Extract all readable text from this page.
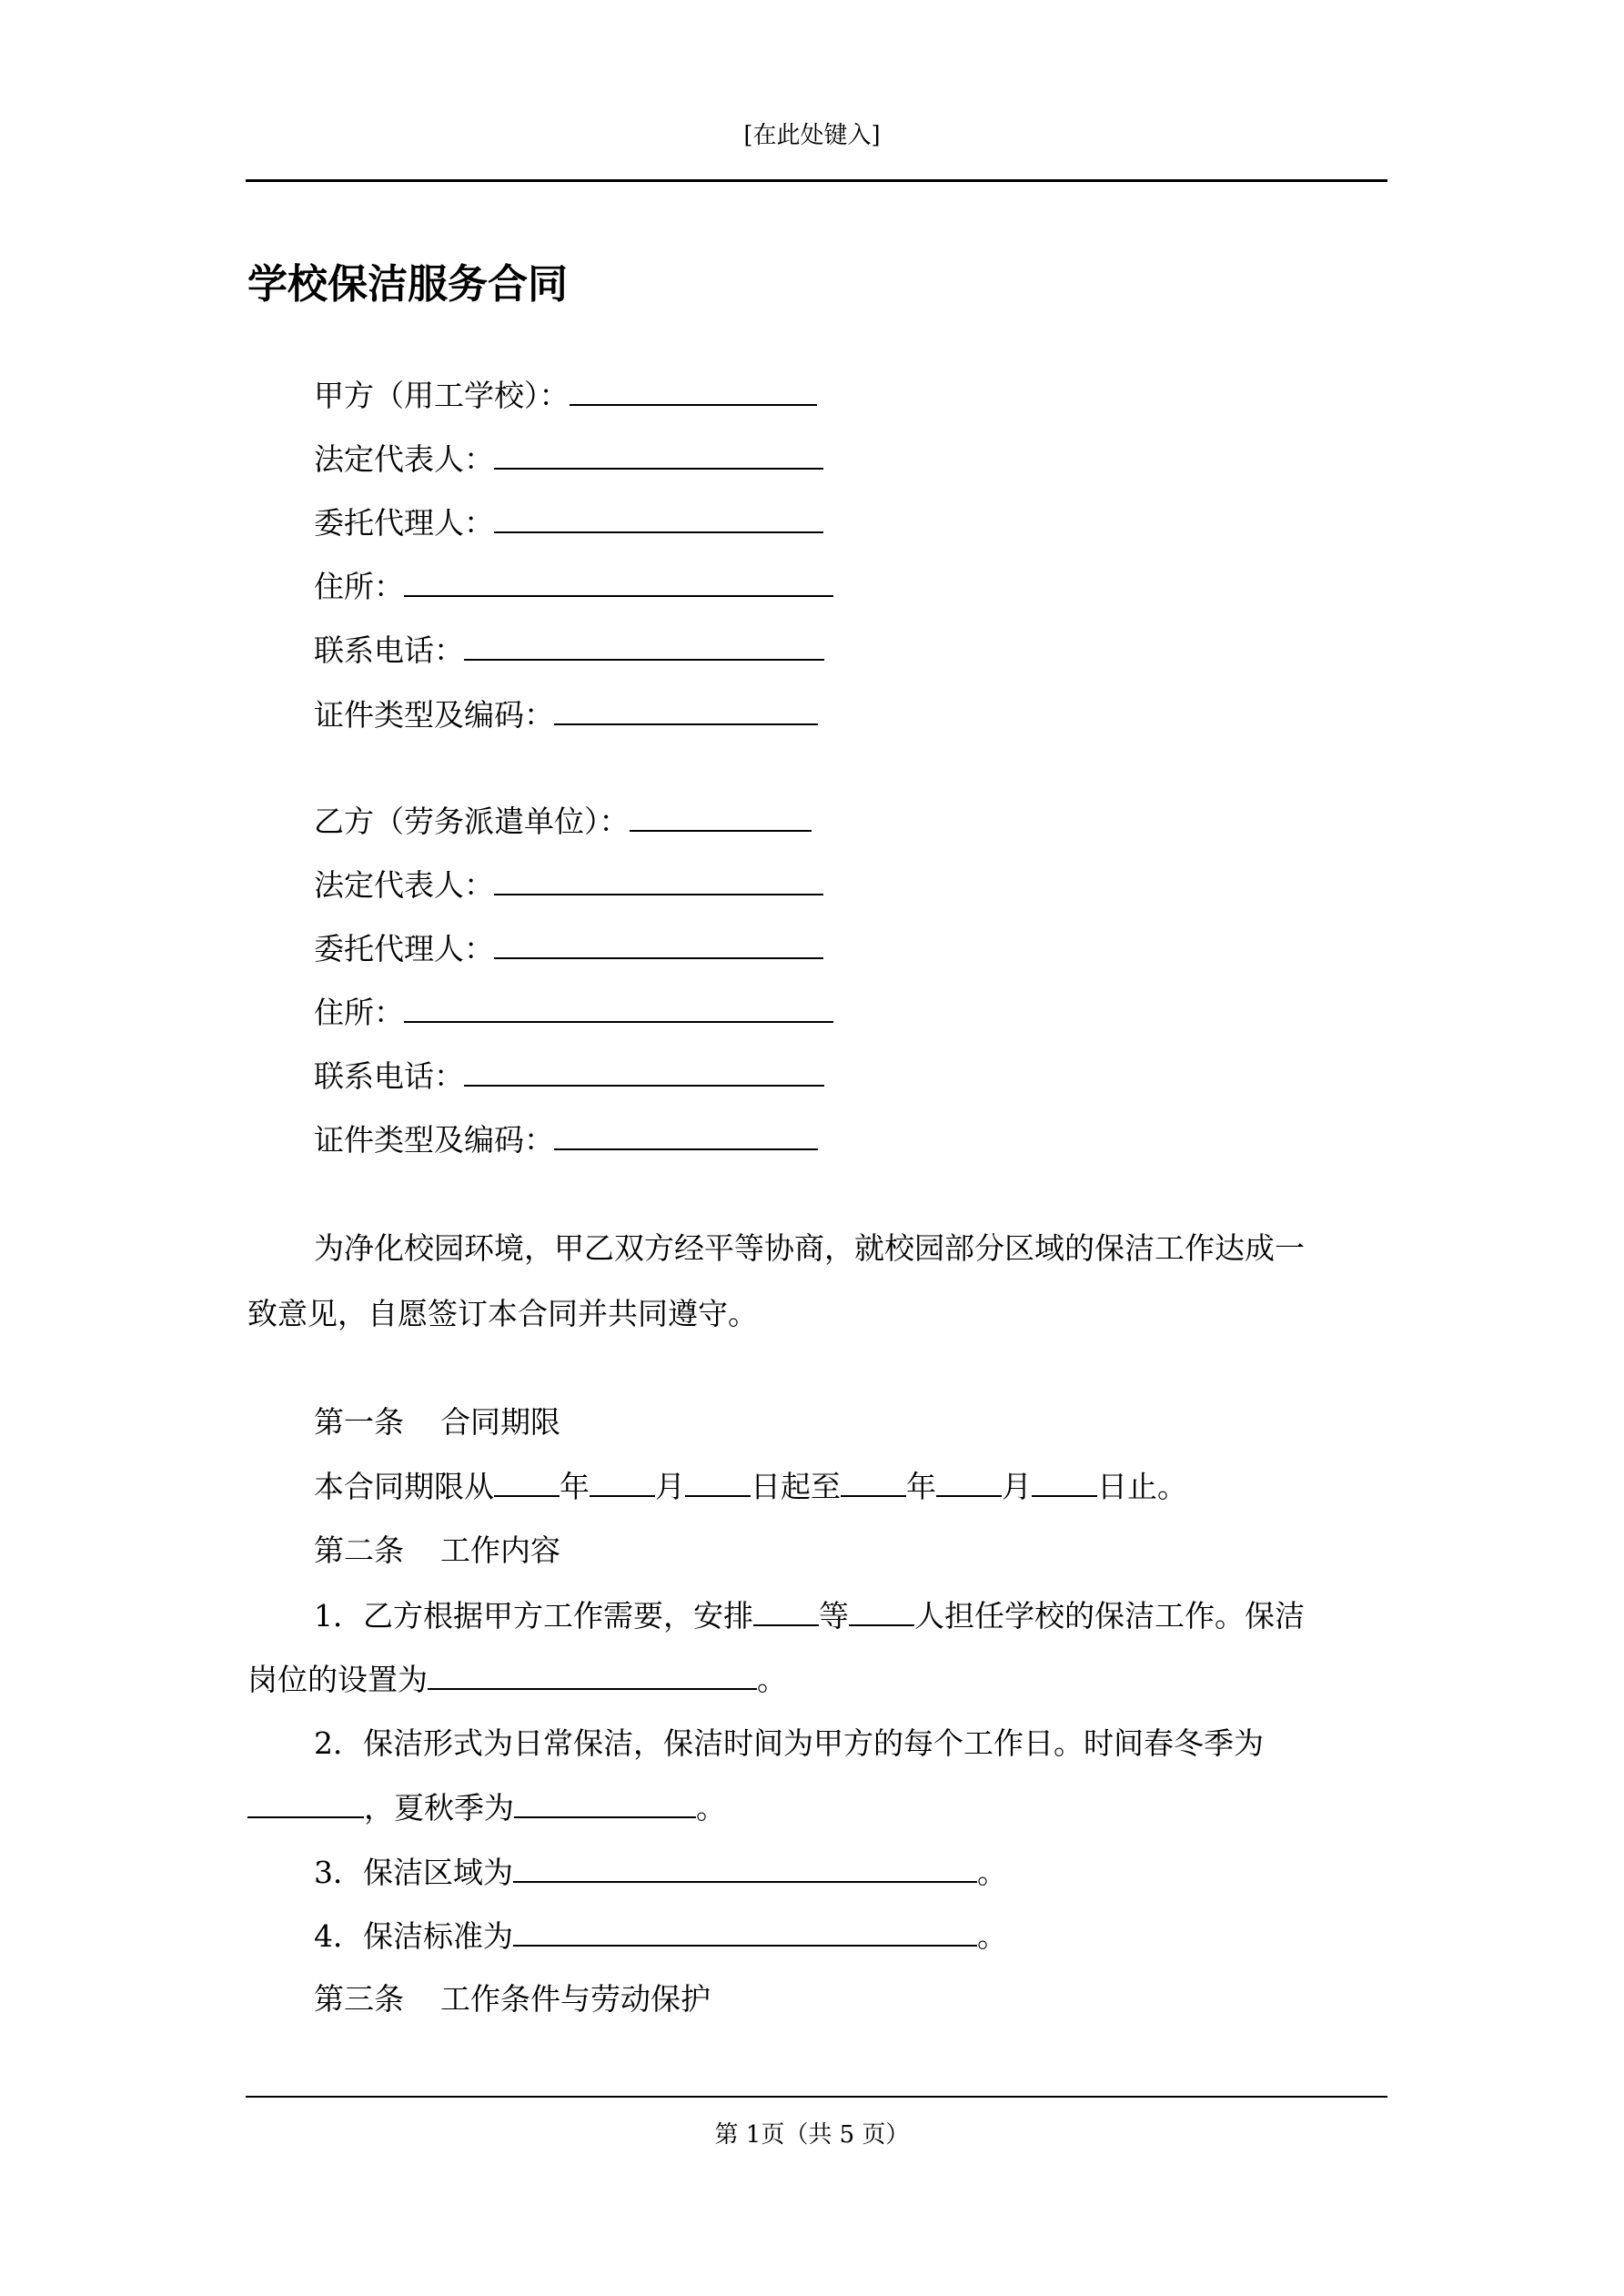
[在此处键入]
学校保洁服务合同
甲方（用工学校）：
法定代表人：
委托代理人：
住所：
联系电话：
证件类型及编码：
乙方（劳务派遣单位）：
法定代表人：
委托代理人：
住所：
联系电话：
证件类型及编码：
为净化校园环境，甲乙双方经平等协商，就校园部分区域的保洁工作达成一
致意见，自愿签订本合同并共同遵守。
第一条 合同期限
本合同期限从 年 月 日起至 年 月 日止。
第二条 工作内容
1．乙方根据甲方工作需要，安排 等 人担任学校的保洁工作。保洁
岗位的设置为	。
2．保洁形式为日常保洁，保洁时间为甲方的每个工作日。时间春冬季为
，夏秋季为	。
3．保洁区域为	。
4．保洁标准为	。
第三条 工作条件与劳动保护
第 1页（共 5 页）
